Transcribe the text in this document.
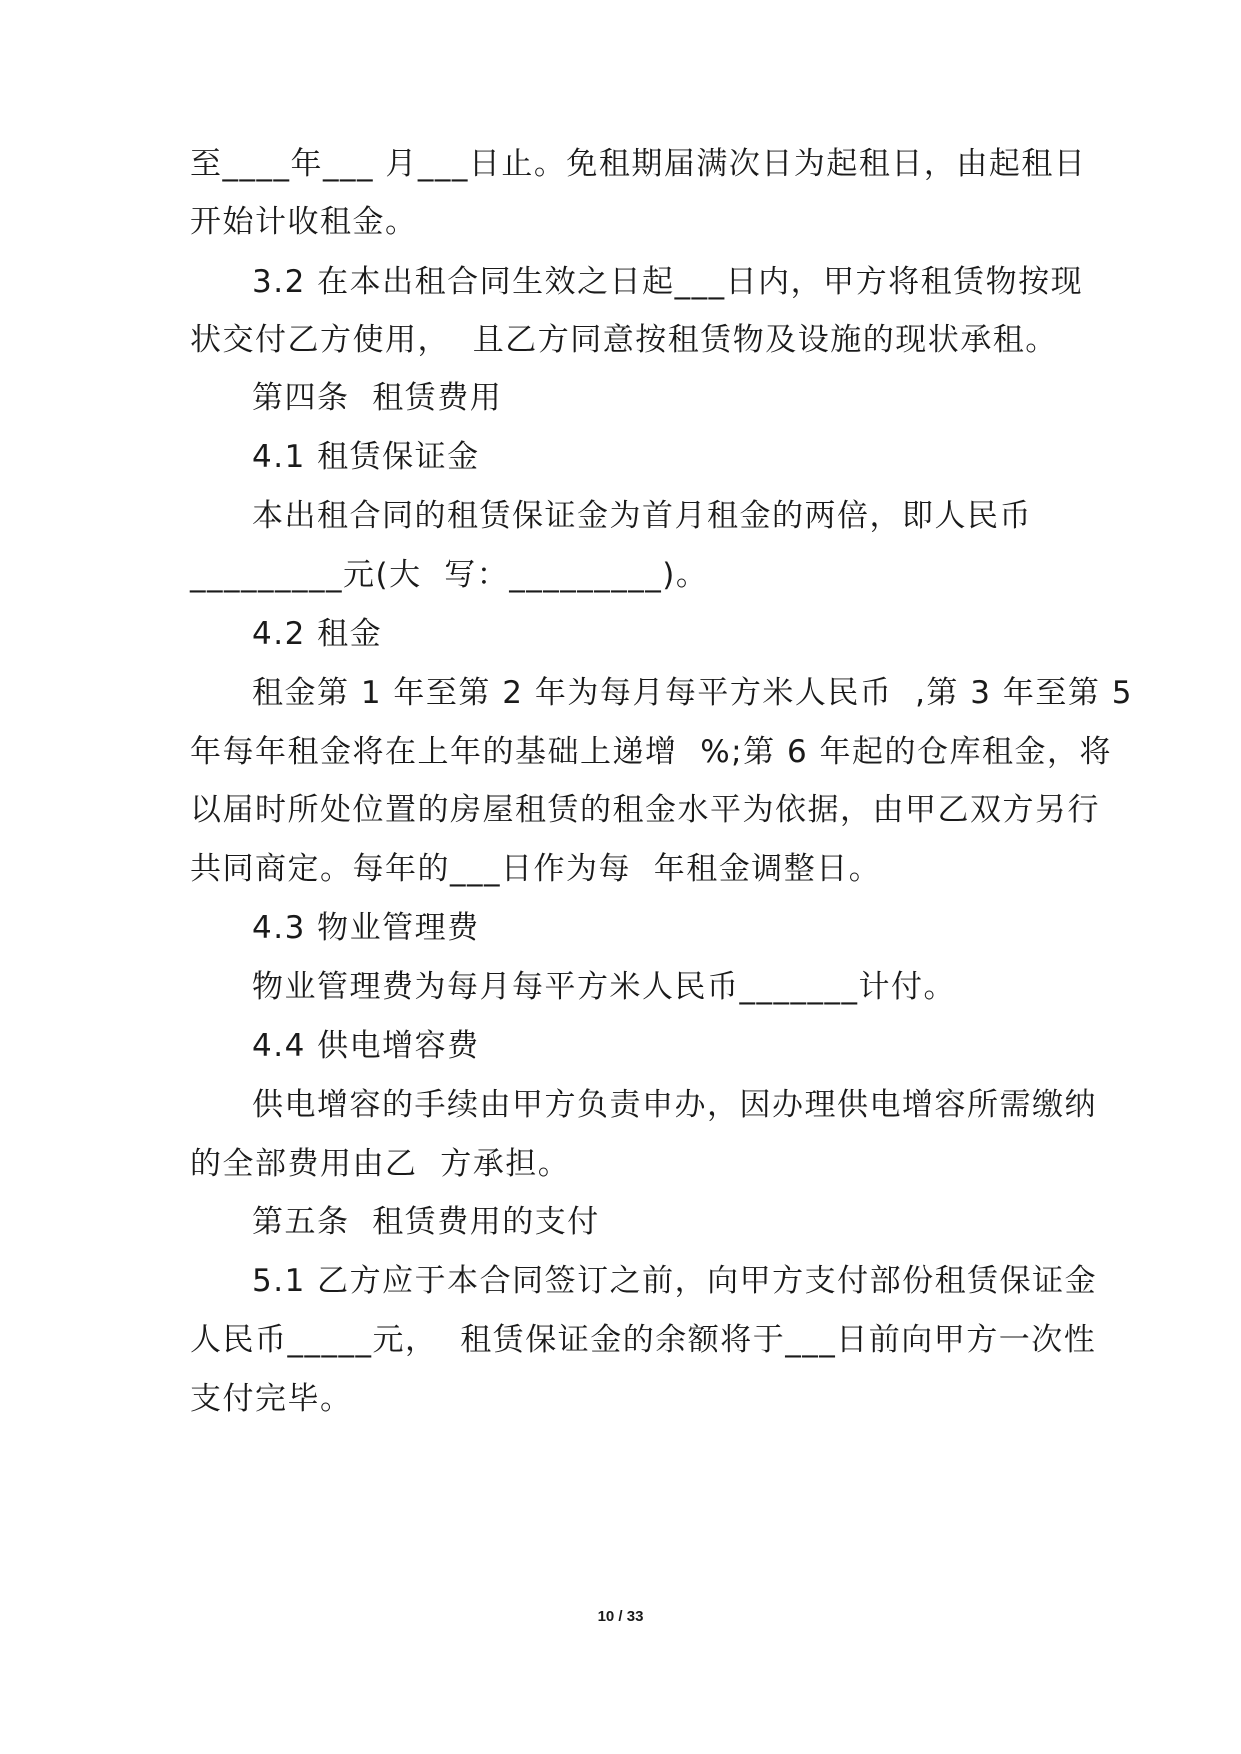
至____年___ 月___日止。免租期届满次日为起租日，由起租日
开始计收租金。
3.2 在本出租合同生效之日起___日内，甲方将租赁物按现
状交付乙方使用，  且乙方同意按租赁物及设施的现状承租。
第四条  租赁费用
4.1 租赁保证金
本出租合同的租赁保证金为首月租金的两倍，即人民币
_________元(大  写：_________)。
4.2 租金
租金第 1 年至第 2 年为每月每平方米人民币  ,第 3 年至第 5
年每年租金将在上年的基础上递增  %;第 6 年起的仓库租金，将
以届时所处位置的房屋租赁的租金水平为依据，由甲乙双方另行
共同商定。每年的___日作为每  年租金调整日。
4.3 物业管理费
物业管理费为每月每平方米人民币_______计付。
4.4 供电增容费
供电增容的手续由甲方负责申办，因办理供电增容所需缴纳
的全部费用由乙  方承担。
第五条  租赁费用的支付
5.1 乙方应于本合同签订之前，向甲方支付部份租赁保证金
人民币_____元，  租赁保证金的余额将于___日前向甲方一次性
支付完毕。
10 / 33
